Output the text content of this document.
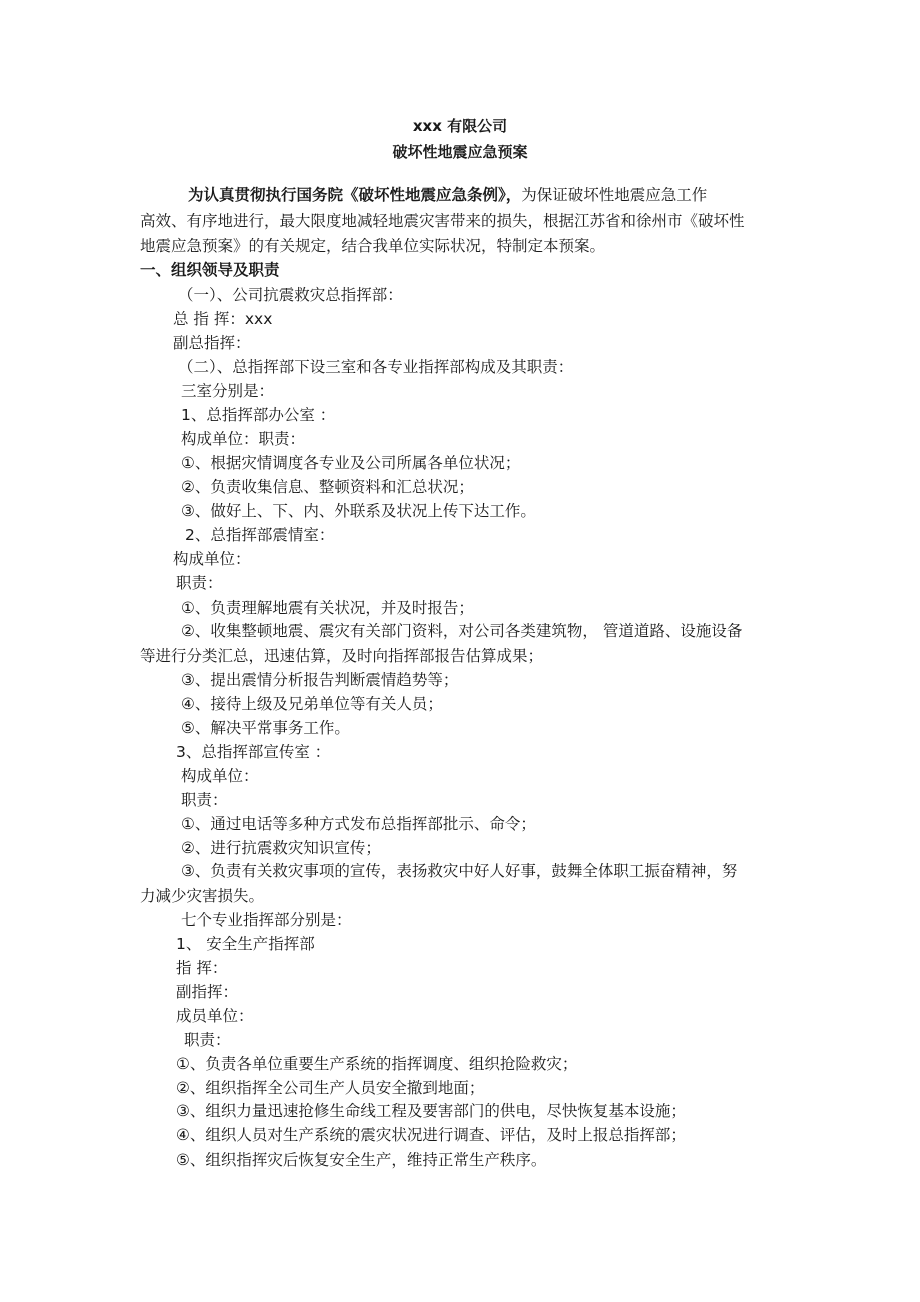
xxx 有限公司
破坏性地震应急预案
为认真贯彻执行国务院《破坏性地震应急条例》，为保证破坏性地震应急工作
高效、有序地进行，最大限度地减轻地震灾害带来的损失，根据江苏省和徐州市《破坏性
地震应急预案》的有关规定，结合我单位实际状况，特制定本预案。
一、组织领导及职责
（一）、公司抗震救灾总指挥部：
总 指 挥：xxx
副总指挥：
（二）、总指挥部下设三室和各专业指挥部构成及其职责：
三室分别是：
1、总指挥部办公室 ：
构成单位：职责：
①、根据灾情调度各专业及公司所属各单位状况；
②、负责收集信息、整顿资料和汇总状况；
③、做好上、下、内、外联系及状况上传下达工作。
2、总指挥部震情室：
构成单位：
职责：
①、负责理解地震有关状况，并及时报告；
②、收集整顿地震、震灾有关部门资料，对公司各类建筑物， 管道道路、设施设备
等进行分类汇总，迅速估算，及时向指挥部报告估算成果；
③、提出震情分析报告判断震情趋势等；
④、接待上级及兄弟单位等有关人员；
⑤、解决平常事务工作。
3、总指挥部宣传室 ：
构成单位：
职责：
①、通过电话等多种方式发布总指挥部批示、命令；
②、进行抗震救灾知识宣传；
③、负责有关救灾事项的宣传，表扬救灾中好人好事，鼓舞全体职工振奋精神，努
力减少灾害损失。
七个专业指挥部分别是：
1、 安全生产指挥部
指 挥：
副指挥：
成员单位：
职责：
①、负责各单位重要生产系统的指挥调度、组织抢险救灾；
②、组织指挥全公司生产人员安全撤到地面；
③、组织力量迅速抢修生命线工程及要害部门的供电，尽快恢复基本设施；
④、组织人员对生产系统的震灾状况进行调查、评估，及时上报总指挥部；
⑤、组织指挥灾后恢复安全生产，维持正常生产秩序。
